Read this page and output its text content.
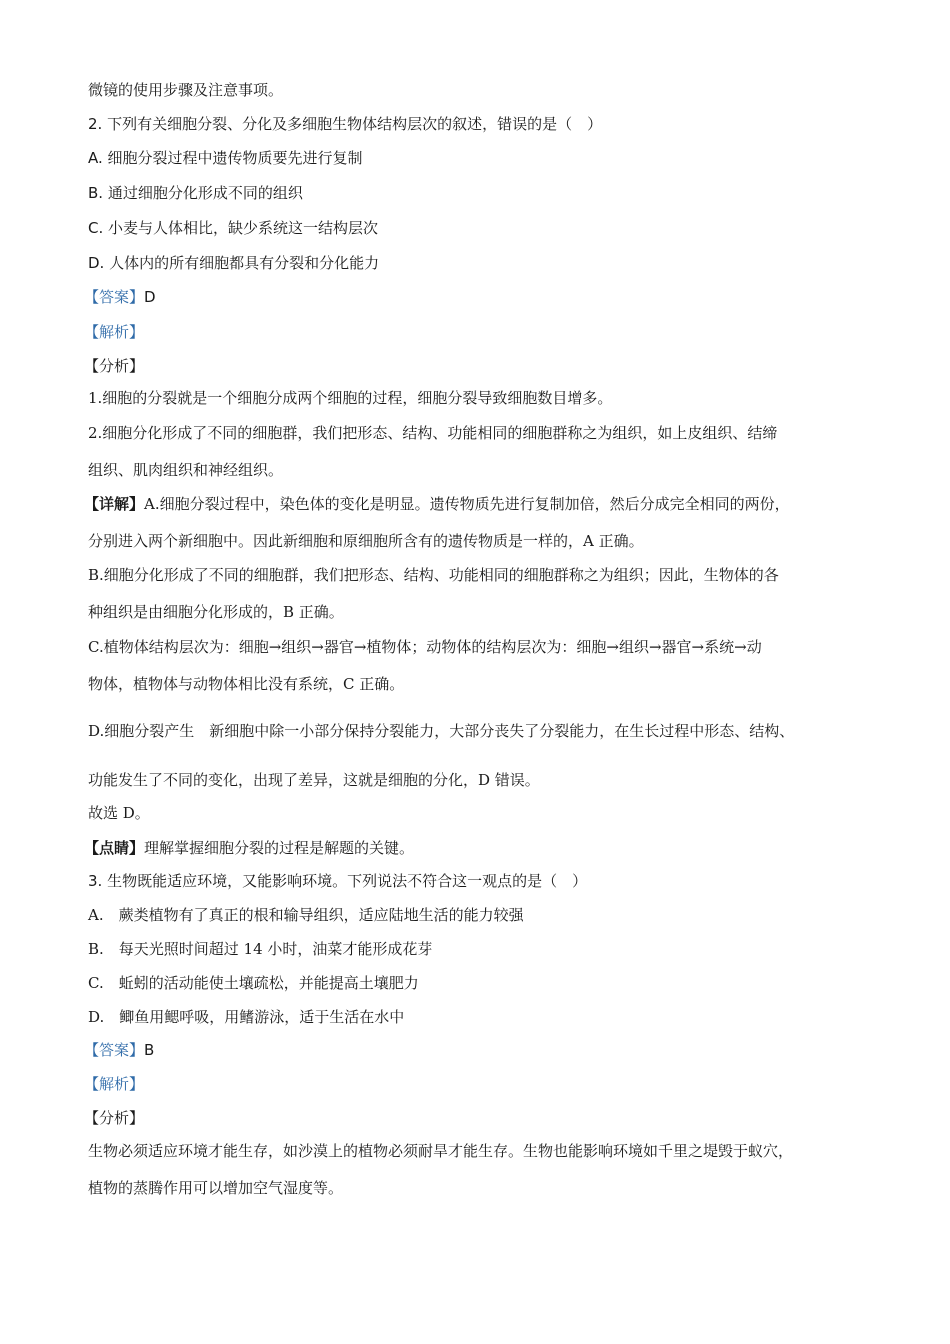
微镜的使用步骤及注意事项。
2. 下列有关细胞分裂、分化及多细胞生物体结构层次的叙述，错误的是（　）
A. 细胞分裂过程中遗传物质要先进行复制
B. 通过细胞分化形成不同的组织
C. 小麦与人体相比，缺少系统这一结构层次
D. 人体内的所有细胞都具有分裂和分化能力
【答案】D
【解析】
【分析】
1.细胞的分裂就是一个细胞分成两个细胞的过程，细胞分裂导致细胞数目增多。
2.细胞分化形成了不同的细胞群，我们把形态、结构、功能相同的细胞群称之为组织，如上皮组织、结缔
组织、肌肉组织和神经组织。
【详解】A.细胞分裂过程中，染色体的变化是明显。遗传物质先进行复制加倍，然后分成完全相同的两份，
分别进入两个新细胞中。因此新细胞和原细胞所含有的遗传物质是一样的，A 正确。
B.细胞分化形成了不同的细胞群，我们把形态、结构、功能相同的细胞群称之为组织；因此，生物体的各
种组织是由细胞分化形成的，B 正确。
C.植物体结构层次为：细胞→组织→器官→植物体；动物体的结构层次为：细胞→组织→器官→系统→动
物体，植物体与动物体相比没有系统，C 正确。
D.细胞分裂产生　新细胞中除一小部分保持分裂能力，大部分丧失了分裂能力，在生长过程中形态、结构、
功能发生了不同的变化，出现了差异，这就是细胞的分化，D 错误。
故选 D。
【点睛】理解掌握细胞分裂的过程是解题的关键。
3. 生物既能适应环境，又能影响环境。下列说法不符合这一观点的是（　）
A.　蕨类植物有了真正的根和输导组织，适应陆地生活的能力较强
B.　每天光照时间超过 14 小时，油菜才能形成花芽
C.　蚯蚓的活动能使土壤疏松，并能提高土壤肥力
D.　鲫鱼用鳃呼吸，用鳍游泳，适于生活在水中
【答案】B
【解析】
【分析】
生物必须适应环境才能生存，如沙漠上的植物必须耐旱才能生存。生物也能影响环境如千里之堤毁于蚁穴，
植物的蒸腾作用可以增加空气湿度等。
